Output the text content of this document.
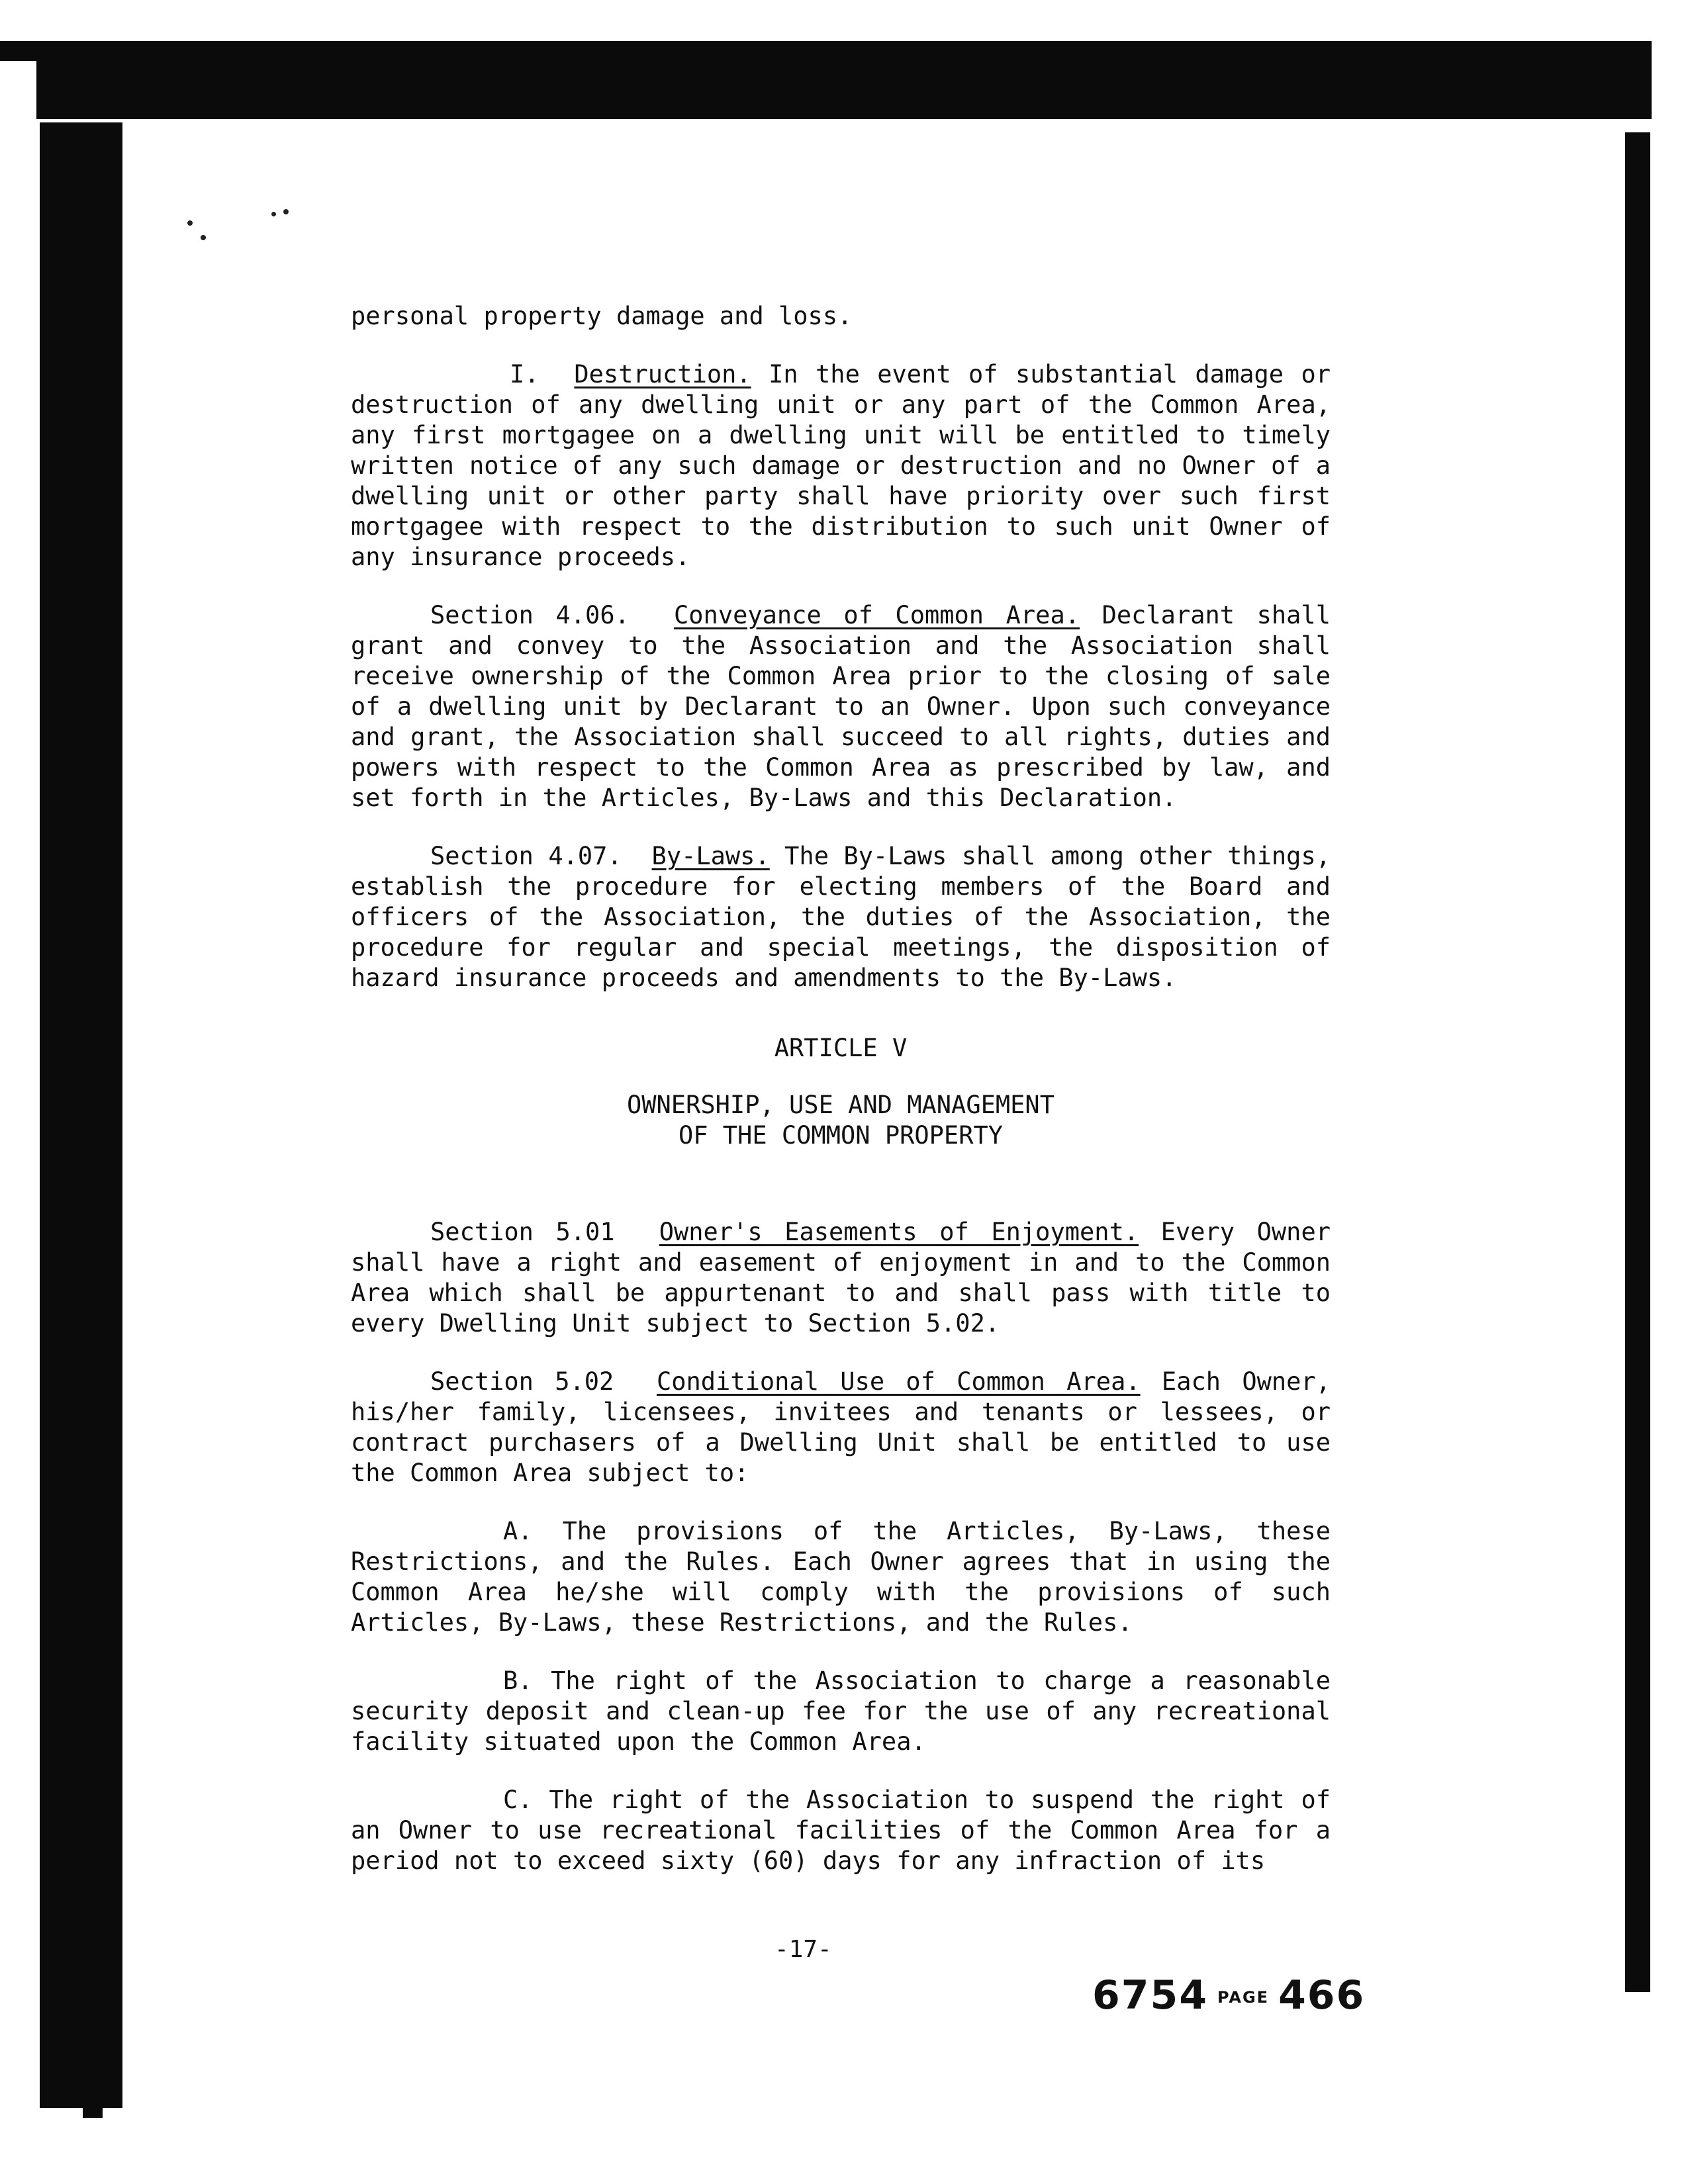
personal property damage and loss.

I. Destruction. In the event of substantial damage or destruction of any dwelling unit or any part of the Common Area, any first mortgagee on a dwelling unit will be entitled to timely written notice of any such damage or destruction and no Owner of a dwelling unit or other party shall have priority over such first mortgagee with respect to the distribution to such unit Owner of any insurance proceeds.

Section 4.06. Conveyance of Common Area. Declarant shall grant and convey to the Association and the Association shall receive ownership of the Common Area prior to the closing of sale of a dwelling unit by Declarant to an Owner. Upon such conveyance and grant, the Association shall succeed to all rights, duties and powers with respect to the Common Area as prescribed by law, and set forth in the Articles, By-Laws and this Declaration.

Section 4.07. By-Laws. The By-Laws shall among other things, establish the procedure for electing members of the Board and officers of the Association, the duties of the Association, the procedure for regular and special meetings, the disposition of hazard insurance proceeds and amendments to the By-Laws.

ARTICLE V

OWNERSHIP, USE AND MANAGEMENT
OF THE COMMON PROPERTY

Section 5.01 Owner's Easements of Enjoyment. Every Owner shall have a right and easement of enjoyment in and to the Common Area which shall be appurtenant to and shall pass with title to every Dwelling Unit subject to Section 5.02.

Section 5.02 Conditional Use of Common Area. Each Owner, his/her family, licensees, invitees and tenants or lessees, or contract purchasers of a Dwelling Unit shall be entitled to use the Common Area subject to:

A. The provisions of the Articles, By-Laws, these Restrictions, and the Rules. Each Owner agrees that in using the Common Area he/she will comply with the provisions of such Articles, By-Laws, these Restrictions, and the Rules.

B. The right of the Association to charge a reasonable security deposit and clean-up fee for the use of any recreational facility situated upon the Common Area.

C. The right of the Association to suspend the right of an Owner to use recreational facilities of the Common Area for a period not to exceed sixty (60) days for any infraction of its

-17-
6754 PAGE 466
